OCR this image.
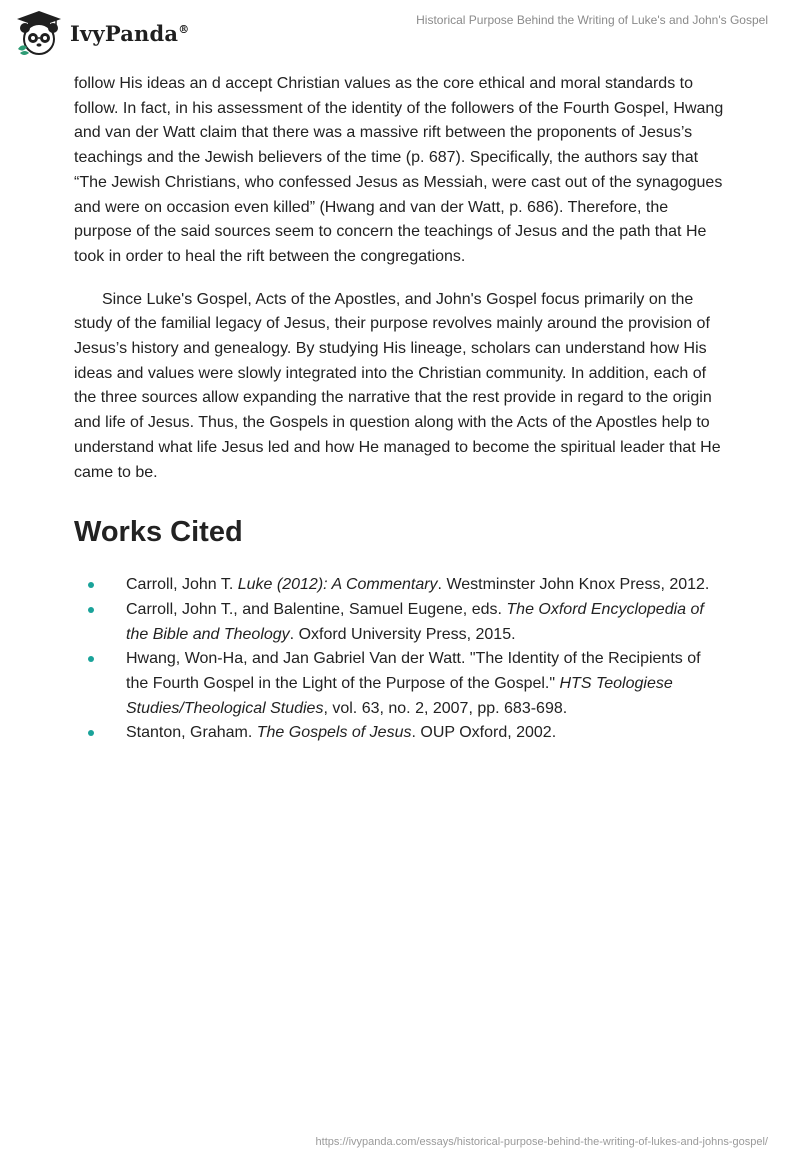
IvyPanda®
Historical Purpose Behind the Writing of Luke's and John's Gospel

follow His ideas an d accept Christian values as the core ethical and moral standards to follow. In fact, in his assessment of the identity of the followers of the Fourth Gospel, Hwang and van der Watt claim that there was a massive rift between the proponents of Jesus’s teachings and the Jewish believers of the time (p. 687). Specifically, the authors say that “The Jewish Christians, who confessed Jesus as Messiah, were cast out of the synagogues and were on occasion even killed” (Hwang and van der Watt, p. 686). Therefore, the purpose of the said sources seem to concern the teachings of Jesus and the path that He took in order to heal the rift between the congregations.

Since Luke's Gospel, Acts of the Apostles, and John's Gospel focus primarily on the study of the familial legacy of Jesus, their purpose revolves mainly around the provision of Jesus’s history and genealogy. By studying His lineage, scholars can understand how His ideas and values were slowly integrated into the Christian community. In addition, each of the three sources allow expanding the narrative that the rest provide in regard to the origin and life of Jesus. Thus, the Gospels in question along with the Acts of the Apostles help to understand what life Jesus led and how He managed to become the spiritual leader that He came to be.

Works Cited
Carroll, John T. Luke (2012): A Commentary. Westminster John Knox Press, 2012.
Carroll, John T., and Balentine, Samuel Eugene, eds. The Oxford Encyclopedia of the Bible and Theology. Oxford University Press, 2015.
Hwang, Won-Ha, and Jan Gabriel Van der Watt. "The Identity of the Recipients of the Fourth Gospel in the Light of the Purpose of the Gospel." HTS Teologiese Studies/Theological Studies, vol. 63, no. 2, 2007, pp. 683-698.
Stanton, Graham. The Gospels of Jesus. OUP Oxford, 2002.
https://ivypanda.com/essays/historical-purpose-behind-the-writing-of-lukes-and-johns-gospel/
